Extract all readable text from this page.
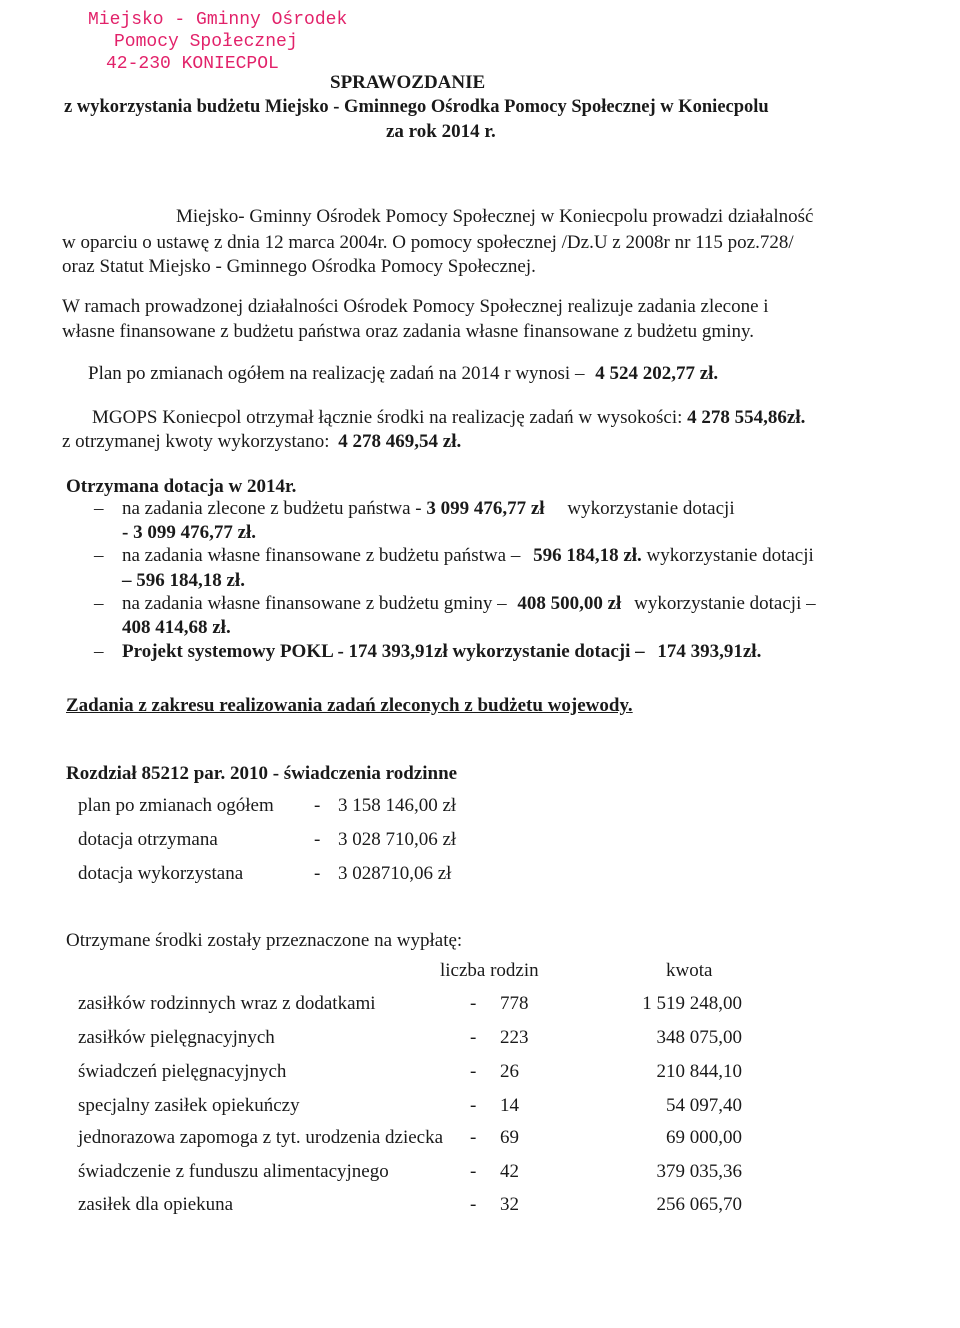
Miejsko - Gminny Ośrodek
Pomocy Społecznej
42-230 KONIECPOL
SPRAWOZDANIE
z wykorzystania budżetu Miejsko - Gminnego Ośrodka Pomocy Społecznej w Koniecpolu
za rok 2014 r.
Miejsko- Gminny Ośrodek Pomocy Społecznej w Koniecpolu prowadzi działalność
w oparciu o ustawę z dnia 12 marca 2004r. O pomocy społecznej /Dz.U z 2008r nr 115 poz.728/
oraz Statut Miejsko - Gminnego Ośrodka Pomocy Społecznej.
W ramach prowadzonej działalności Ośrodek Pomocy Społecznej realizuje zadania zlecone i
własne finansowane z budżetu państwa oraz zadania własne finansowane z budżetu gminy.
Plan po zmianach ogółem na realizację zadań na 2014 r wynosi – 4 524 202,77 zł.
MGOPS Koniecpol otrzymał łącznie środki na realizację zadań w wysokości: 4 278 554,86zł.
z otrzymanej kwoty wykorzystano: 4 278 469,54 zł.
Otrzymana dotacja w 2014r.
– na zadania zlecone z budżetu państwa - 3 099 476,77 zł wykorzystanie dotacji
- 3 099 476,77 zł.
– na zadania własne finansowane z budżetu państwa – 596 184,18 zł. wykorzystanie dotacji
– 596 184,18 zł.
– na zadania własne finansowane z budżetu gminy – 408 500,00 zł wykorzystanie dotacji –
408 414,68 zł.
– Projekt systemowy POKL - 174 393,91zł wykorzystanie dotacji – 174 393,91zł.
Zadania z zakresu realizowania zadań zleconych z budżetu wojewody.
Rozdział 85212 par. 2010 - świadczenia rodzinne
plan po zmianach ogółem - 3 158 146,00 zł
dotacja otrzymana	- 3 028 710,06 zł
dotacja wykorzystana	- 3 028710,06 zł
Otrzymane środki zostały przeznaczone na wypłatę:
liczba rodzin	kwota
zasiłków rodzinnych wraz z dodatkami	- 778	1 519 248,00
zasiłków pielęgnacyjnych	- 223	348 075,00
świadczeń pielęgnacyjnych	- 26	210 844,10
specjalny zasiłek opiekuńczy	- 14	54 097,40
jednorazowa zapomoga z tyt. urodzenia dziecka - 69	69 000,00
świadczenie z funduszu alimentacyjnego	- 42	379 035,36
zasiłek dla opiekuna	- 32	256 065,70
